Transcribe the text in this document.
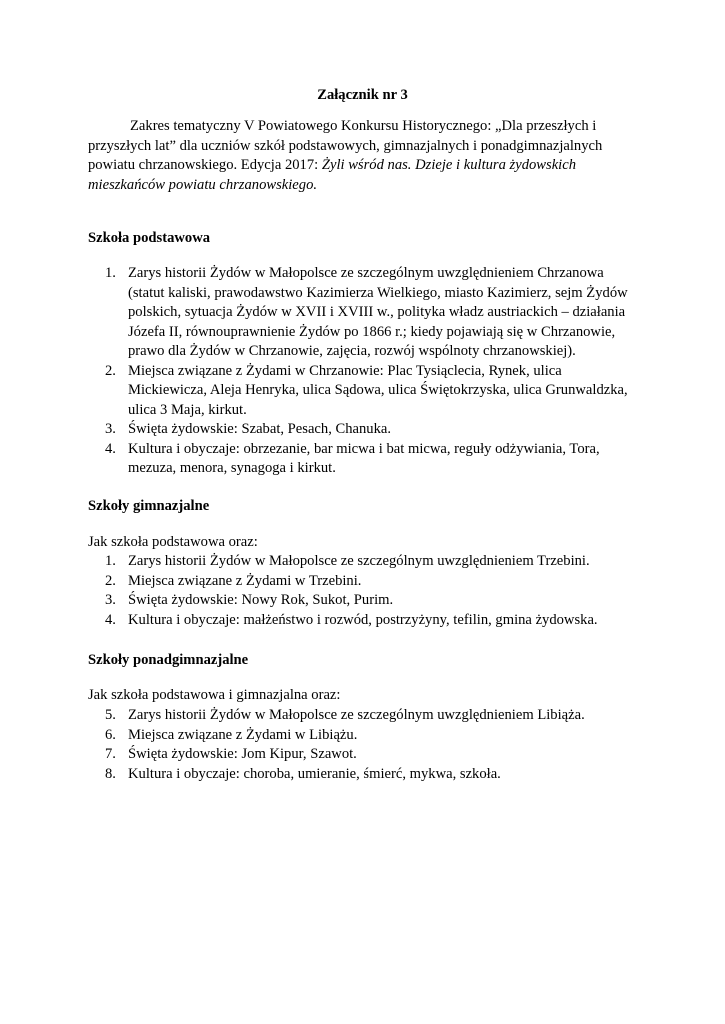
Załącznik nr 3

Zakres tematyczny V Powiatowego Konkursu Historycznego: „Dla przeszłych i przyszłych lat” dla uczniów szkół podstawowych, gimnazjalnych i ponadgimnazjalnych powiatu chrzanowskiego. Edycja 2017: Żyli wśród nas. Dzieje i kultura żydowskich mieszkańców powiatu chrzanowskiego.

Szkoła podstawowa
1. Zarys historii Żydów w Małopolsce ze szczególnym uwzględnieniem Chrzanowa (statut kaliski, prawodawstwo Kazimierza Wielkiego, miasto Kazimierz, sejm Żydów polskich, sytuacja Żydów w XVII i XVIII w., polityka władz austriackich – działania Józefa II, równouprawnienie Żydów po 1866 r.; kiedy pojawiają się w Chrzanowie, prawo dla Żydów w Chrzanowie, zajęcia, rozwój wspólnoty chrzanowskiej).
2. Miejsca związane z Żydami w Chrzanowie: Plac Tysiąclecia, Rynek, ulica Mickiewicza, Aleja Henryka, ulica Sądowa, ulica Świętokrzyska, ulica Grunwaldzka, ulica 3 Maja, kirkut.
3. Święta żydowskie: Szabat, Pesach, Chanuka.
4. Kultura i obyczaje: obrzezanie, bar micwa i bat micwa, reguły odżywiania, Tora, mezuza, menora, synagoga i kirkut.
Szkoły gimnazjalne

Jak szkoła podstawowa oraz:

1. Zarys historii Żydów w Małopolsce ze szczególnym uwzględnieniem Trzebini.
2. Miejsca związane z Żydami w Trzebini.
3. Święta żydowskie: Nowy Rok, Sukot, Purim.
4. Kultura i obyczaje: małżeństwo i rozwód, postrzyżyny, tefilin, gmina żydowska.
Szkoły ponadgimnazjalne

Jak szkoła podstawowa i gimnazjalna oraz:

5. Zarys historii Żydów w Małopolsce ze szczególnym uwzględnieniem Libiąża.
6. Miejsca związane z Żydami w Libiążu.
7. Święta żydowskie: Jom Kipur, Szawot.
8. Kultura i obyczaje: choroba, umieranie, śmierć, mykwa, szkoła.
